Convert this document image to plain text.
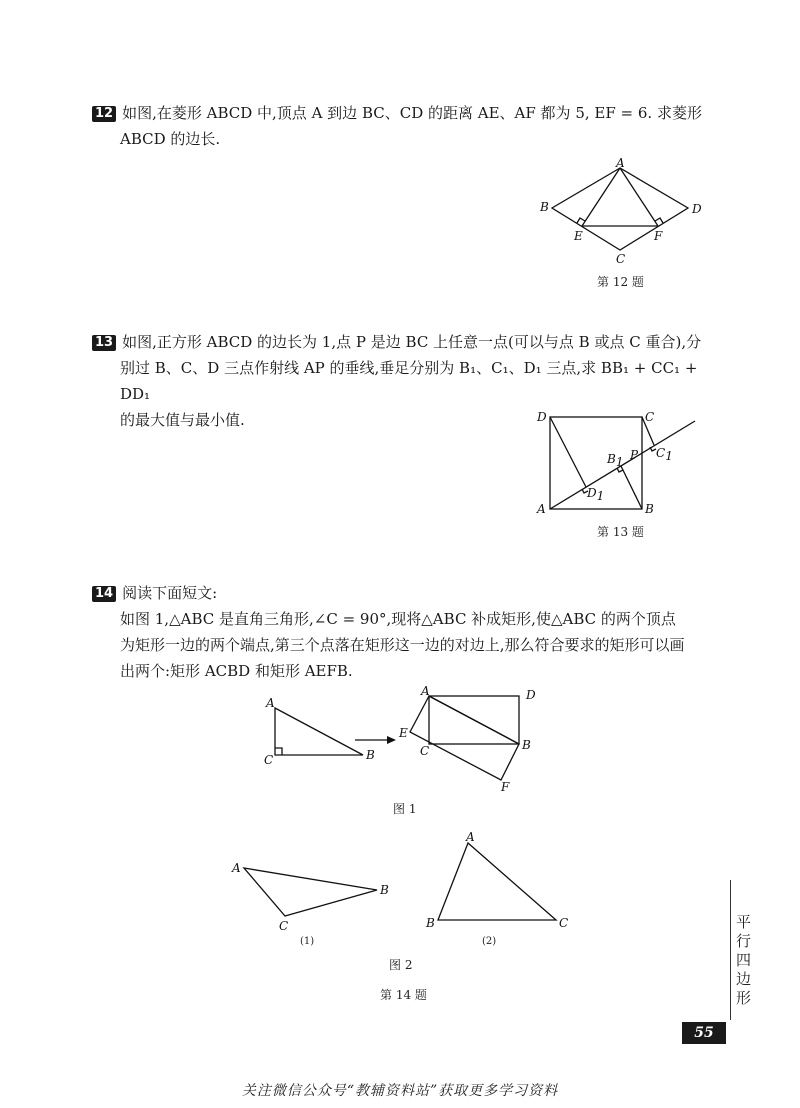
12 如图,在菱形 ABCD 中,顶点 A 到边 BC、CD 的距离 AE、AF 都为 5, EF = 6. 求菱形
ABCD 的边长.
A
B
C
D
E	F
第 12 题
13 如图,正方形 ABCD 的边长为 1,点 P 是边 BC 上任意一点(可以与点 B 或点 C 重合),分
别过 B、C、D 三点作射线 AP 的垂线,垂足分别为 B₁、C₁、D₁ 三点,求 BB₁ + CC₁ + DD₁
的最大值与最小值.	D	C
A	B
P
B1
C1
D1
第 13 题
14 阅读下面短文:
如图 1,△ABC 是直角三角形,∠C = 90°,现将△ABC 补成矩形,使△ABC 的两个顶点
为矩形一边的两个端点,第三个点落在矩形这一边的对边上,那么符合要求的矩形可以画
出两个:矩形 ACBD 和矩形 AEFB.
A
C	B
A	D
E
C	B
F
图 1
A
B
C
A
B	C
(1)	(2)
图 2
第 14 题	平行四边形
55
关注微信公众号“教辅资料站”获取更多学习资料
